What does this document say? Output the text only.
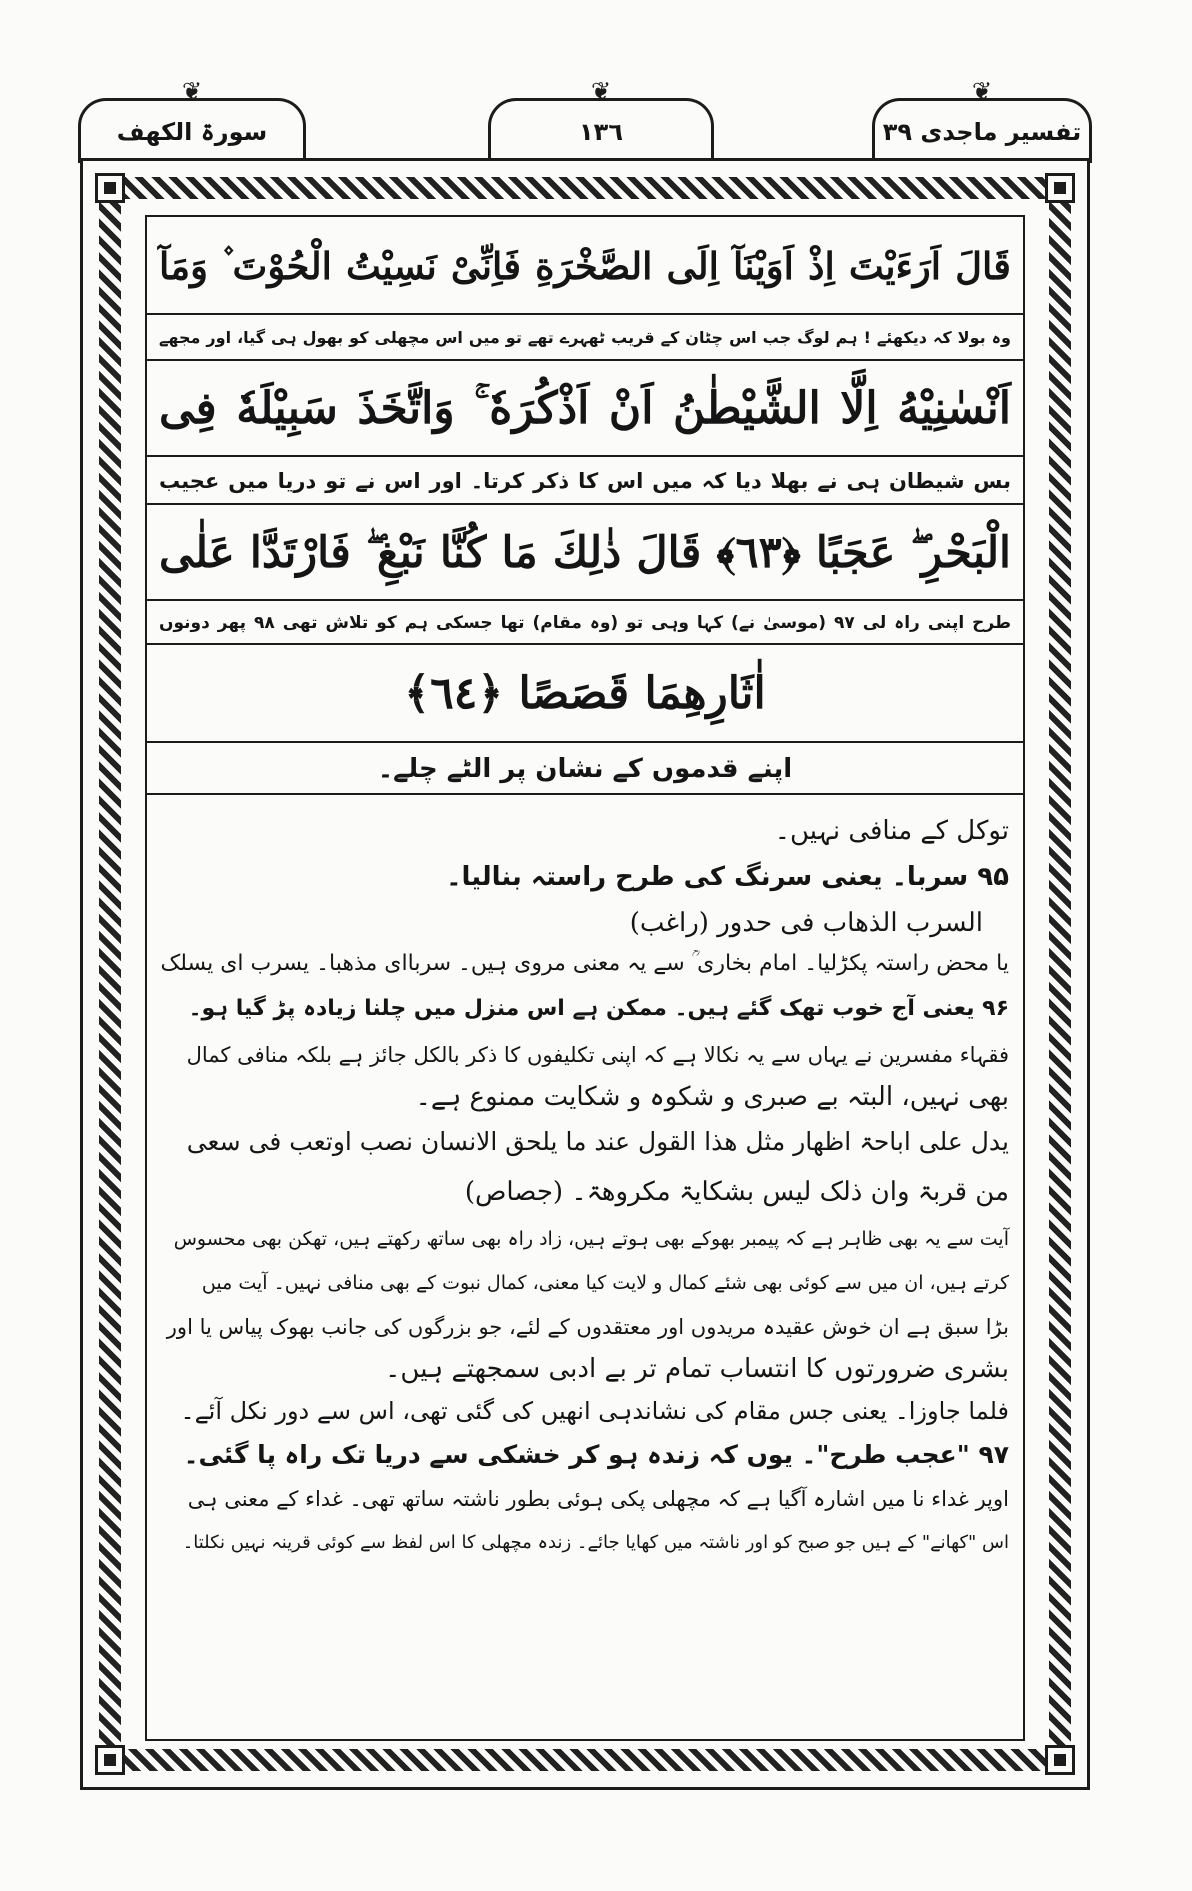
❦
سورۃ الکھف
❦
۱۳٦
❦
تفسیر ماجدی ۳۹
قَالَ اَرَءَيْتَ اِذْ اَوَيْنَآ اِلَى الصَّخْرَةِ فَاِنِّىْ نَسِيْتُ الْحُوْتَ ۫ وَمَآ
وہ بولا کہ دیکھئے ! ہم لوگ جب اس چٹان کے قریب ٹھہرے تھے تو میں اس مچھلی کو بھول ہی گیا، اور مجھے
اَنْسٰنِيْهُ اِلَّا الشَّيْطٰنُ اَنْ اَذْكُرَهٗ ۚ وَاتَّخَذَ سَبِيْلَهٗ فِى
بس شیطان ہی نے بھلا دیا کہ میں اس کا ذکر کرتا۔ اور اس نے تو دریا میں عجیب
الْبَحْرِ ۖ عَجَبًا ﴿٦٣﴾ قَالَ ذٰلِكَ مَا كُنَّا نَبْغِ ۖ فَارْتَدَّا عَلٰى
طرح اپنی راہ لی ۹۷ (موسیٰ نے) کہا وہی تو (وہ مقام) تھا جسکی ہم کو تلاش تھی ۹۸ پھر دونوں
اٰثَارِهِمَا قَصَصًا ﴿٦٤﴾
اپنے قدموں کے نشان پر الٹے چلے۔
توکل کے منافی نہیں۔
۹۵ سربا۔ یعنی سرنگ کی طرح راستہ بنالیا۔
السرب الذھاب فی حدور (راغب)
یا محض راستہ پکڑلیا۔ امام بخاری ؒ سے یہ معنی مروی ہیں۔ سرباای مذھبا۔ یسرب ای یسلک
۹۶ یعنی آج خوب تھک گئے ہیں۔ ممکن ہے اس منزل میں چلنا زیادہ پڑ گیا ہو۔
فقہاء مفسرین نے یہاں سے یہ نکالا ہے کہ اپنی تکلیفوں کا ذکر بالکل جائز ہے بلکہ منافی کمال
بھی نہیں، البتہ بے صبری و شکوہ و شکایت ممنوع ہے۔
یدل علی اباحۃ اظھار مثل ھذا القول عند ما یلحق الانسان نصب اوتعب فی سعی
من قربۃ وان ذلک لیس بشکایۃ مکروھۃ۔ (جصاص)
آیت سے یہ بھی ظاہر ہے کہ پیمبر بھوکے بھی ہوتے ہیں، زاد راہ بھی ساتھ رکھتے ہیں، تھکن بھی محسوس
کرتے ہیں، ان میں سے کوئی بھی شئے کمال و لایت کیا معنی، کمال نبوت کے بھی منافی نہیں۔ آیت میں
بڑا سبق ہے ان خوش عقیدہ مریدوں اور معتقدوں کے لئے، جو بزرگوں کی جانب بھوک پیاس یا اور
بشری ضرورتوں کا انتساب تمام تر بے ادبی سمجھتے ہیں۔
فلما جاوزا۔ یعنی جس مقام کی نشاندہی انھیں کی گئی تھی، اس سے دور نکل آئے۔
۹۷ "عجب طرح"۔ یوں کہ زندہ ہو کر خشکی سے دریا تک راہ پا گئی۔
اوپر غداء نا میں اشارہ آگیا ہے کہ مچھلی پکی ہوئی بطور ناشتہ ساتھ تھی۔ غداء کے معنی ہی
اس "کھانے" کے ہیں جو صبح کو اور ناشتہ میں کھایا جائے۔ زندہ مچھلی کا اس لفظ سے کوئی قرینہ نہیں نکلتا۔
